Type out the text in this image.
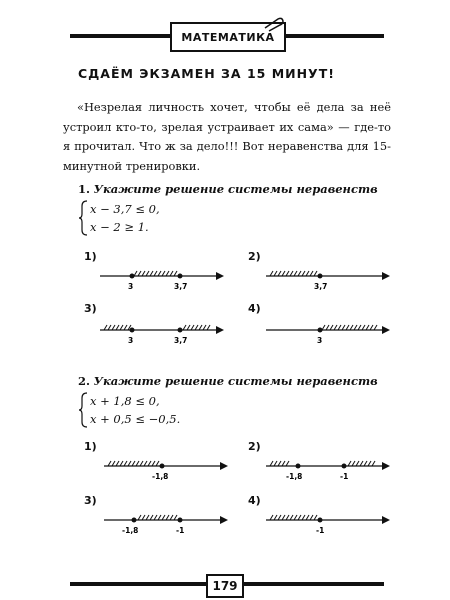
МАТЕМАТИКА
СДАЁМ ЭКЗАМЕН ЗА 15 МИНУТ!

«Незрелая личность хочет, чтобы её дела за неё устроил кто-то, зрелая устраивает их сама» — где-то я прочитал. Что ж за дело!!! Вот неравенства для 15-минутной тренировки.

1. Укажите решение системы неравенств
x − 3,7 ≤ 0,
x − 2 ≥ 1.
1)
3	3,7
2)
3,7
3)
3	3,7
4)
3
2. Укажите решение системы неравенств
x + 1,8 ≤ 0,
x + 0,5 ≤ −0,5.
1)
-1,8
2)
-1,8	-1
3)
-1,8	-1
4)
-1
179
